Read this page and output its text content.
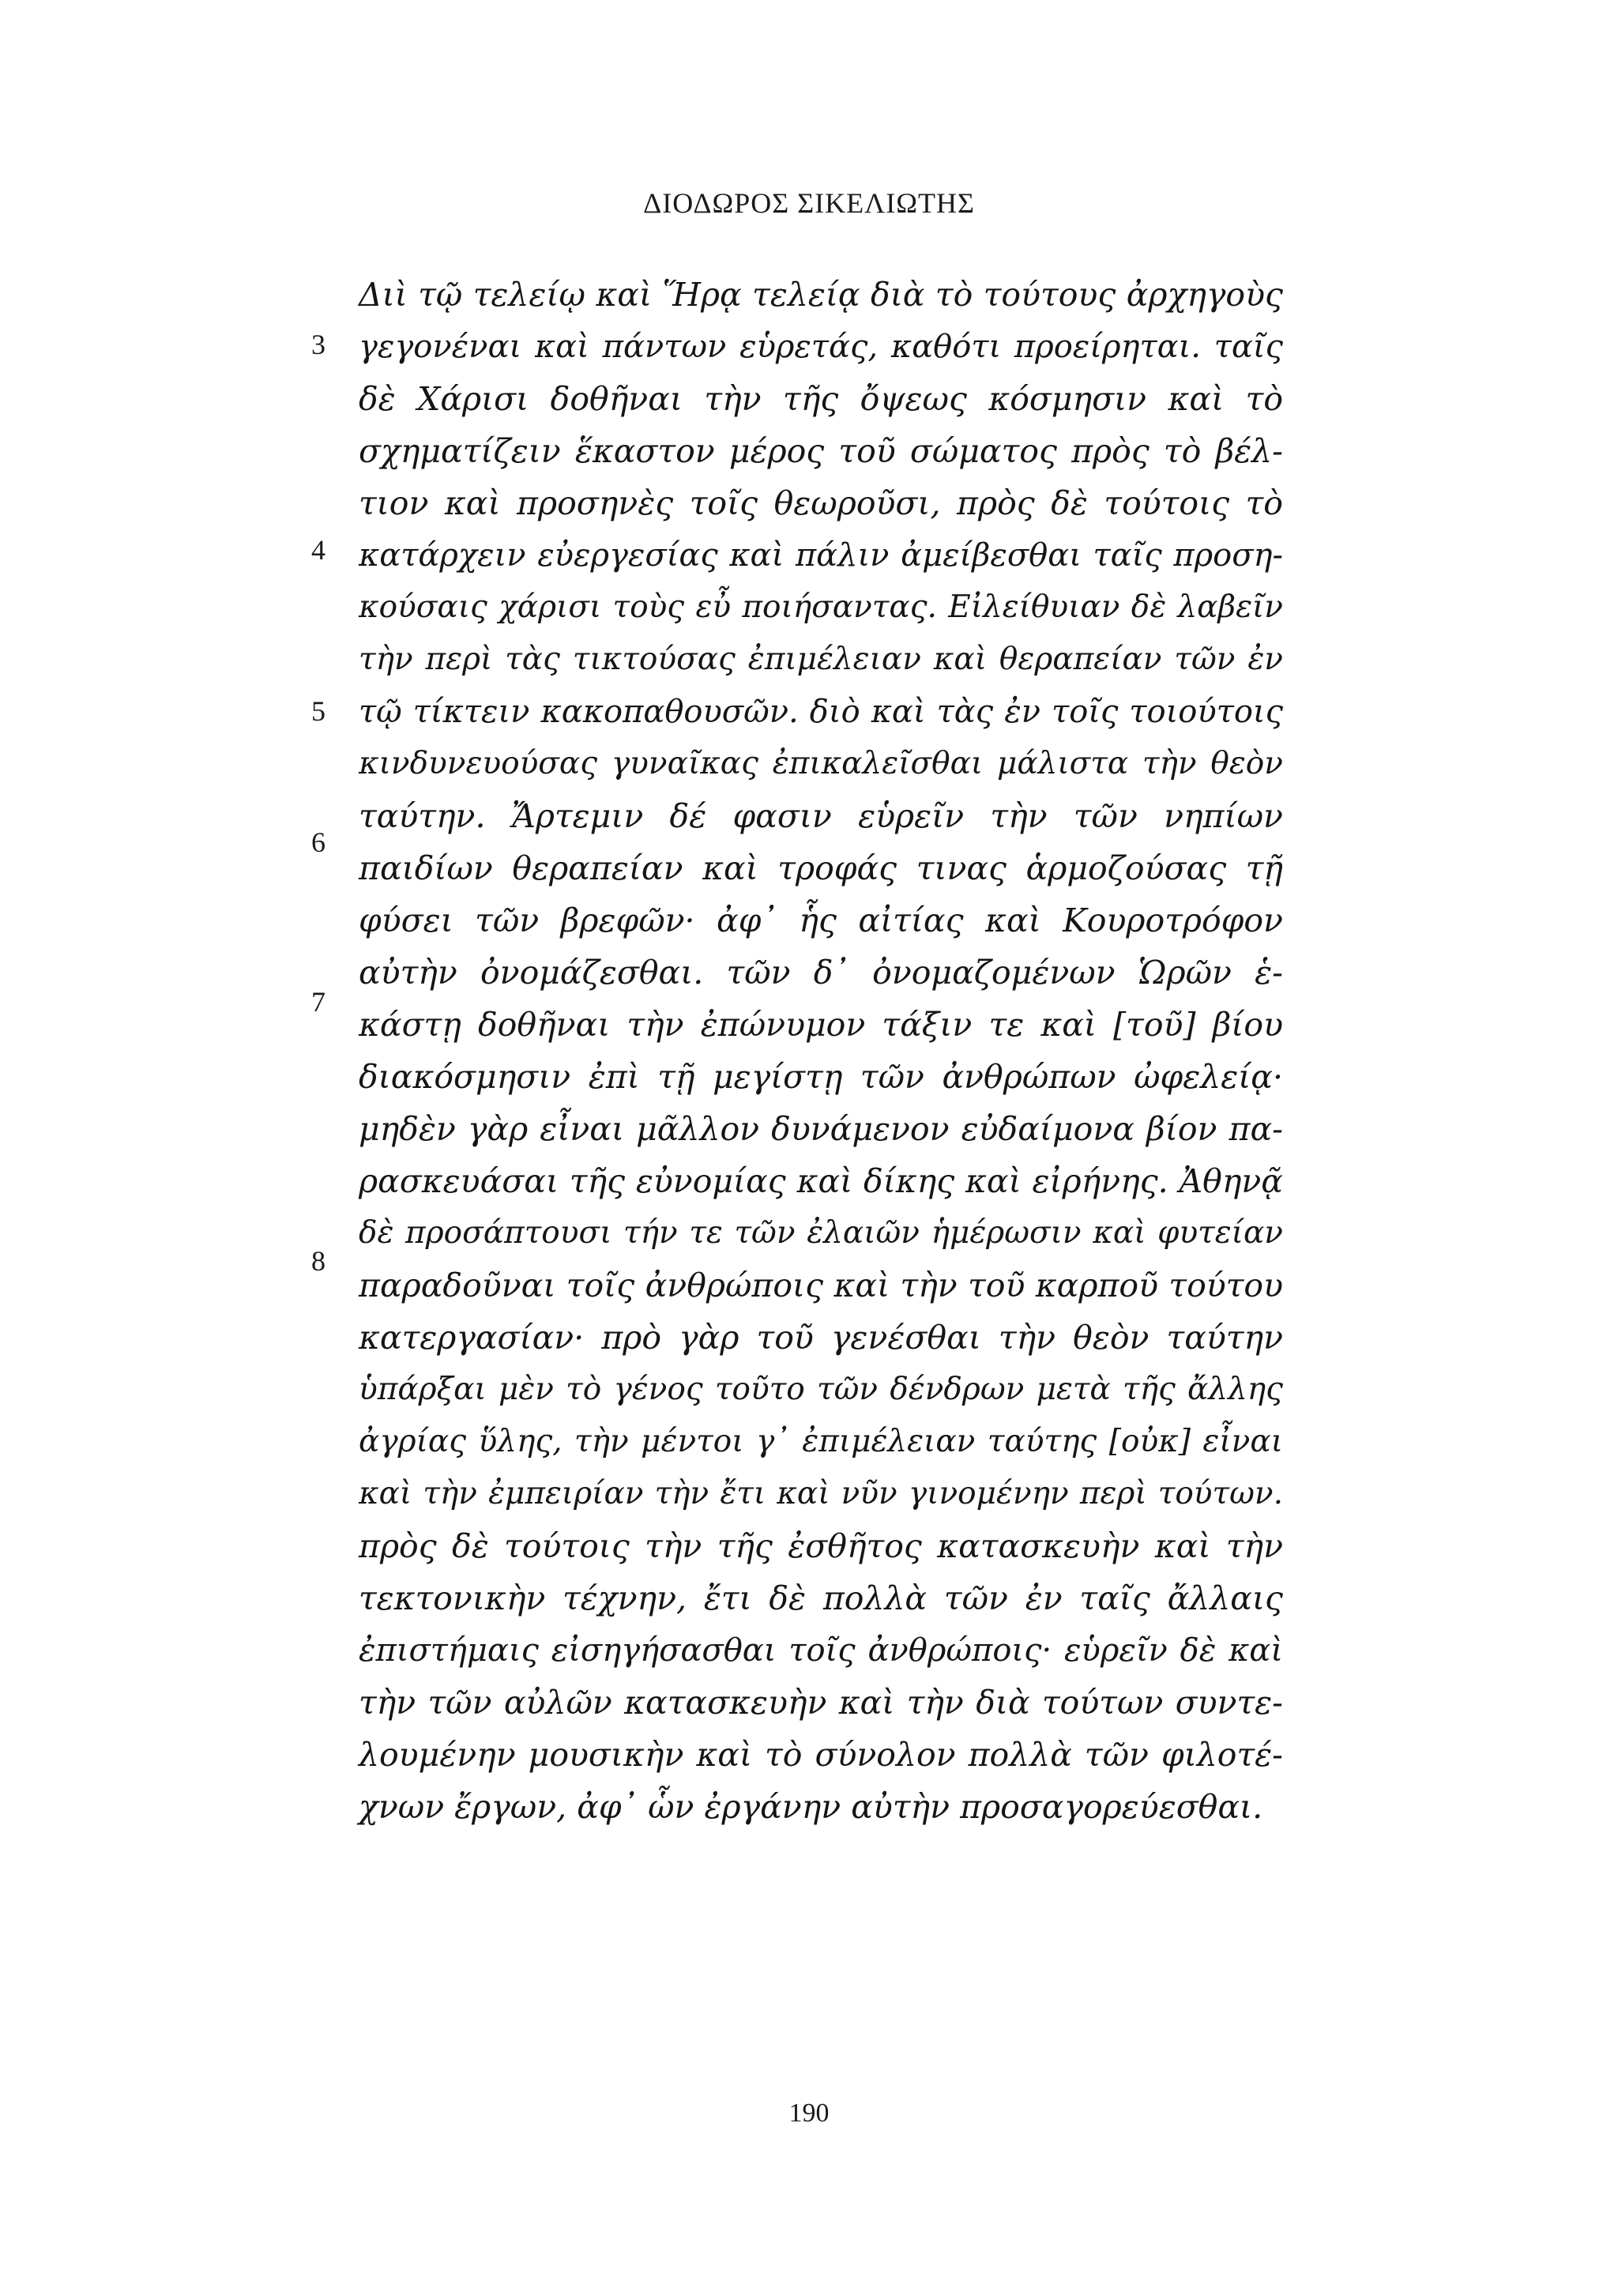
ΔΙΟΔΩΡΟΣ ΣΙΚΕΛΙΩΤΗΣ
Διὶ τῷ τελείῳ καὶ Ἥρᾳ τελείᾳ διὰ τὸ τούτους ἀρχηγοὺς
3 γεγονέναι καὶ πάντων εὑρετάς, καθότι προείρηται. ταῖς
δὲ Χάρισι δοθῆναι τὴν τῆς ὄψεως κόσμησιν καὶ τὸ
σχηματίζειν ἕκαστον μέρος τοῦ σώματος πρὸς τὸ βέλ-
τιον καὶ προσηνὲς τοῖς θεωροῦσι, πρὸς δὲ τούτοις τὸ
4 κατάρχειν εὐεργεσίας καὶ πάλιν ἀμείβεσθαι ταῖς προση-
κούσαις χάρισι τοὺς εὖ ποιήσαντας. Εἰλείθυιαν δὲ λαβεῖν
τὴν περὶ τὰς τικτούσας ἐπιμέλειαν καὶ θεραπείαν τῶν ἐν
5 τῷ τίκτειν κακοπαθουσῶν. διὸ καὶ τὰς ἐν τοῖς τοιούτοις
κινδυνευούσας γυναῖκας ἐπικαλεῖσθαι μάλιστα τὴν θεὸν
6
ταύτην. Ἄρτεμιν δέ φασιν εὑρεῖν τὴν τῶν νηπίων
παιδίων θεραπείαν καὶ τροφάς τινας ἁρμοζούσας τῇ
φύσει τῶν βρεφῶν· ἀφ᾿ ἧς αἰτίας καὶ Κουροτρόφον
7
αὐτὴν ὀνομάζεσθαι. τῶν δ᾿ ὀνομαζομένων Ὡρῶν ἑ-
κάστῃ δοθῆναι τὴν ἐπώνυμον τάξιν τε καὶ [τοῦ] βίου
διακόσμησιν ἐπὶ τῇ μεγίστῃ τῶν ἀνθρώπων ὠφελείᾳ·
μηδὲν γὰρ εἶναι μᾶλλον δυνάμενον εὐδαίμονα βίον πα-
ρασκευάσαι τῆς εὐνομίας καὶ δίκης καὶ εἰρήνης. Ἀθηνᾷ
8
δὲ προσάπτουσι τήν τε τῶν ἐλαιῶν ἡμέρωσιν καὶ φυτείαν
παραδοῦναι τοῖς ἀνθρώποις καὶ τὴν τοῦ καρποῦ τούτου
κατεργασίαν· πρὸ γὰρ τοῦ γενέσθαι τὴν θεὸν ταύτην
ὑπάρξαι μὲν τὸ γένος τοῦτο τῶν δένδρων μετὰ τῆς ἄλλης
ἀγρίας ὕλης, τὴν μέντοι γ᾿ ἐπιμέλειαν ταύτης [οὐκ] εἶναι
καὶ τὴν ἐμπειρίαν τὴν ἔτι καὶ νῦν γινομένην περὶ τούτων.
πρὸς δὲ τούτοις τὴν τῆς ἐσθῆτος κατασκευὴν καὶ τὴν
τεκτονικὴν τέχνην, ἔτι δὲ πολλὰ τῶν ἐν ταῖς ἄλλαις
ἐπιστήμαις εἰσηγήσασθαι τοῖς ἀνθρώποις· εὑρεῖν δὲ καὶ
τὴν τῶν αὐλῶν κατασκευὴν καὶ τὴν διὰ τούτων συντε-
λουμένην μουσικὴν καὶ τὸ σύνολον πολλὰ τῶν φιλοτέ-
χνων ἔργων, ἀφ᾿ ὧν ἐργάνην αὐτὴν προσαγορεύεσθαι.
190
